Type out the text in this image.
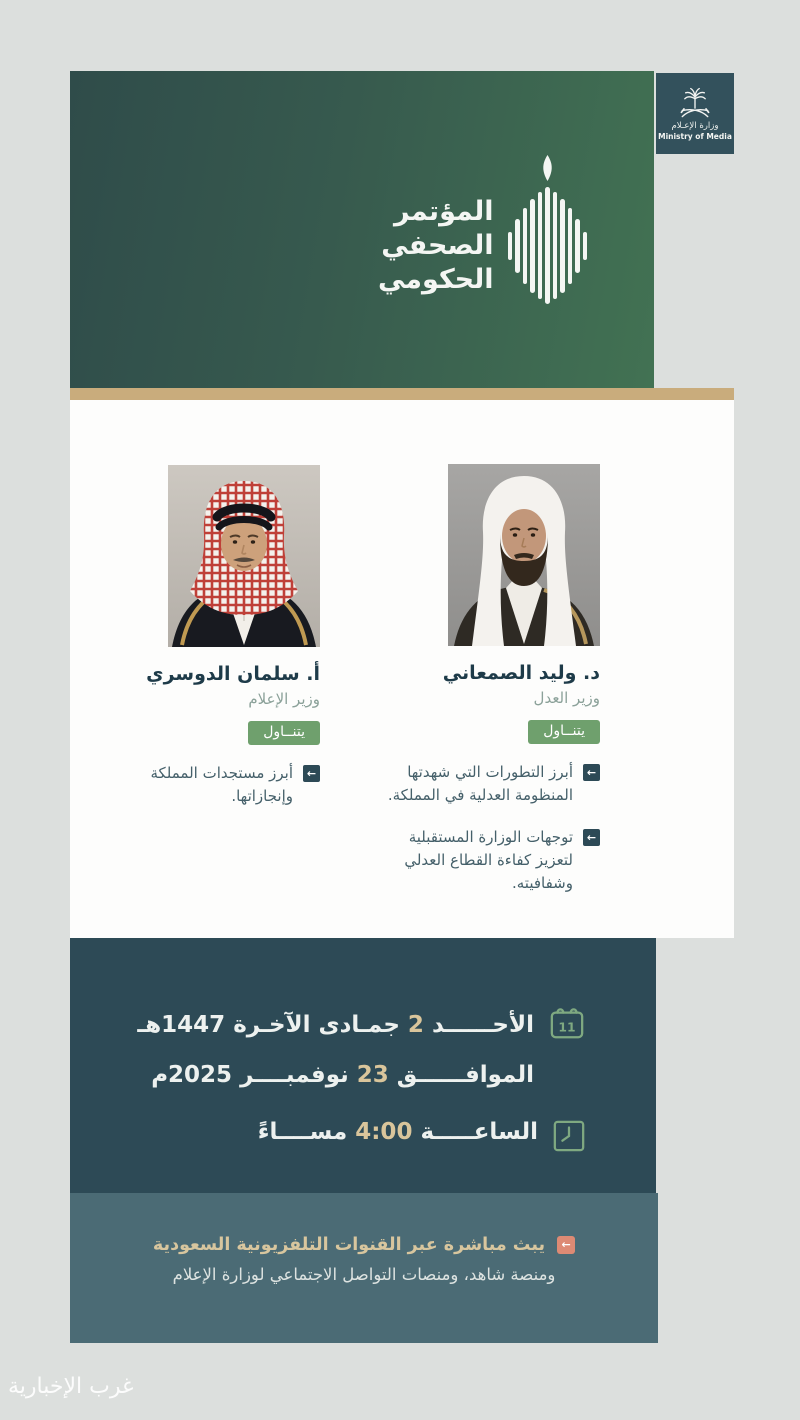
المؤتمر
الصحفي
الحكومي
وزارة الإعـلام
Ministry of Media
د. وليد الصمعاني
وزير العدل
يتنــاول
←

أبرز التطورات التي شهدتها المنظومة العدلية في المملكة.

←

توجهات الوزارة المستقبلية لتعزيز كفاءة القطاع العدلي وشفافيته.

أ. سلمان الدوسري
وزير الإعلام
يتنــاول
←

أبرز مستجدات المملكة وإنجازاتها.

11
الأحــــــد 2 جمـادى الآخـرة 1447هـ
الموافــــــق 23 نوفمبــــر 2025م
الساعـــــة 4:00 مســــاءً
←
يبث مباشرة عبر القنوات التلفزيونية السعودية
ومنصة شاهد، ومنصات التواصل الاجتماعي لوزارة الإعلام
غرب الإخبارية
